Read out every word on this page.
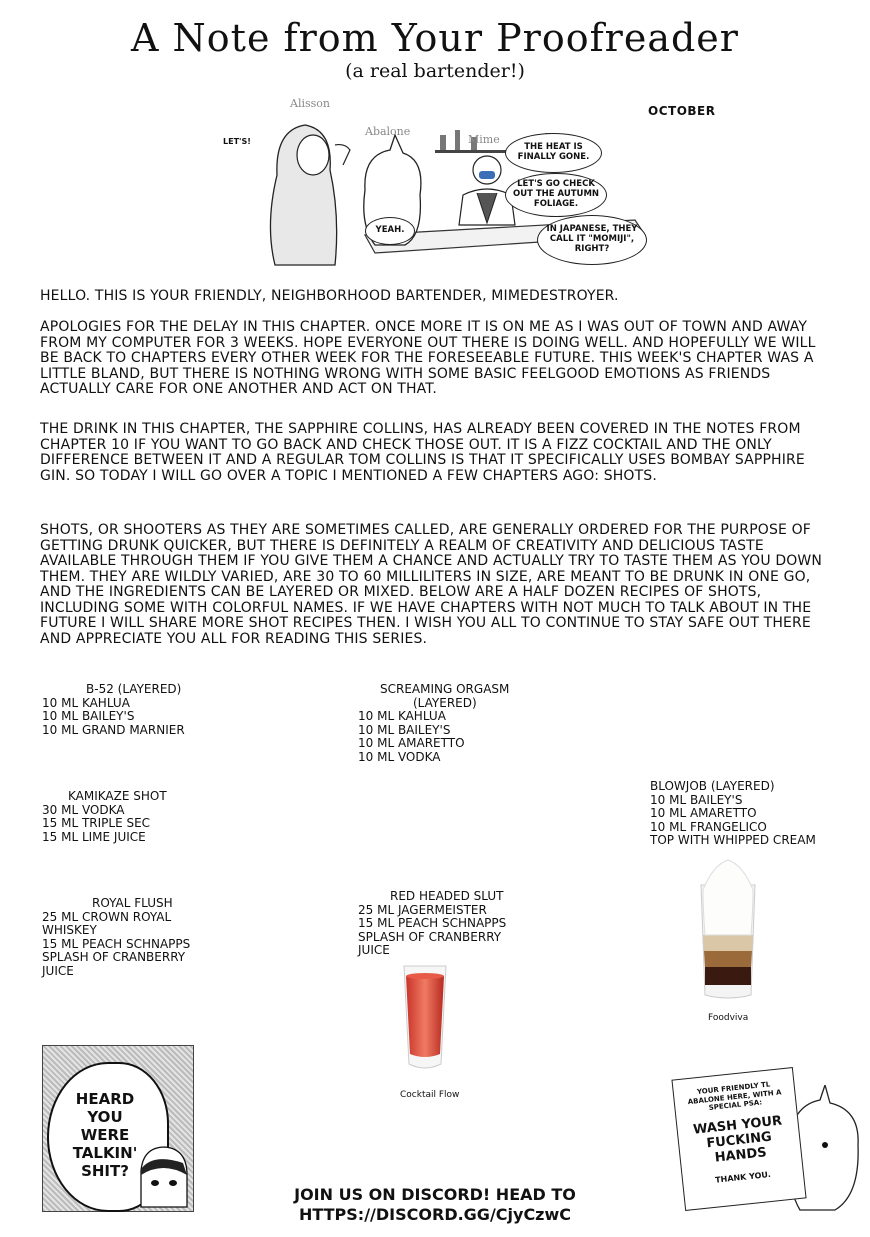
A Note from Your Proofreader
(a real bartender!)
Alisson
Abalone
Mime
LET'S!
THE HEAT IS FINALLY GONE.
LET'S GO CHECK OUT THE AUTUMN FOLIAGE.
YEAH.	IN JAPANESE, THEY CALL IT "MOMIJI", RIGHT?
OCTOBER
HELLO. THIS IS YOUR FRIENDLY, NEIGHBORHOOD BARTENDER, MIMEDESTROYER.
APOLOGIES FOR THE DELAY IN THIS CHAPTER. ONCE MORE IT IS ON ME AS I WAS OUT OF TOWN AND AWAY FROM MY COMPUTER FOR 3 WEEKS. HOPE EVERYONE OUT THERE IS DOING WELL. AND HOPEFULLY WE WILL BE BACK TO CHAPTERS EVERY OTHER WEEK FOR THE FORESEEABLE FUTURE. THIS WEEK'S CHAPTER WAS A LITTLE BLAND, BUT THERE IS NOTHING WRONG WITH SOME BASIC FEELGOOD EMOTIONS AS FRIENDS ACTUALLY CARE FOR ONE ANOTHER AND ACT ON THAT.
THE DRINK IN THIS CHAPTER, THE SAPPHIRE COLLINS, HAS ALREADY BEEN COVERED IN THE NOTES FROM CHAPTER 10 IF YOU WANT TO GO BACK AND CHECK THOSE OUT. IT IS A FIZZ COCKTAIL AND THE ONLY DIFFERENCE BETWEEN IT AND A REGULAR TOM COLLINS IS THAT IT SPECIFICALLY USES BOMBAY SAPPHIRE GIN. SO TODAY I WILL GO OVER A TOPIC I MENTIONED A FEW CHAPTERS AGO: SHOTS.
SHOTS, OR SHOOTERS AS THEY ARE SOMETIMES CALLED, ARE GENERALLY ORDERED FOR THE PURPOSE OF GETTING DRUNK QUICKER, BUT THERE IS DEFINITELY A REALM OF CREATIVITY AND DELICIOUS TASTE AVAILABLE THROUGH THEM IF YOU GIVE THEM A CHANCE AND ACTUALLY TRY TO TASTE THEM AS YOU DOWN THEM. THEY ARE WILDLY VARIED, ARE 30 TO 60 MILLILITERS IN SIZE, ARE MEANT TO BE DRUNK IN ONE GO, AND THE INGREDIENTS CAN BE LAYERED OR MIXED. BELOW ARE A HALF DOZEN RECIPES OF SHOTS, INCLUDING SOME WITH COLORFUL NAMES. IF WE HAVE CHAPTERS WITH NOT MUCH TO TALK ABOUT IN THE FUTURE I WILL SHARE MORE SHOT RECIPES THEN. I WISH YOU ALL TO CONTINUE TO STAY SAFE OUT THERE AND APPRECIATE YOU ALL FOR READING THIS SERIES.
B-52 (LAYERED)
10 ML KAHLUA
10 ML BAILEY'S
10 ML GRAND MARNIER
SCREAMING ORGASM
(LAYERED)
10 ML KAHLUA
10 ML BAILEY'S
10 ML AMARETTO
10 ML VODKA
KAMIKAZE SHOT
30 ML VODKA
15 ML TRIPLE SEC
15 ML LIME JUICE
BLOWJOB (LAYERED)
10 ML BAILEY'S
10 ML AMARETTO
10 ML FRANGELICO
TOP WITH WHIPPED CREAM
ROYAL FLUSH
25 ML CROWN ROYAL
WHISKEY
15 ML PEACH SCHNAPPS
SPLASH OF CRANBERRY
JUICE
RED HEADED SLUT
25 ML JAGERMEISTER
15 ML PEACH SCHNAPPS
SPLASH OF CRANBERRY
JUICE
Cocktail Flow
Foodviva
HEARD YOU WERE TALKIN' SHIT?
YOUR FRIENDLY TL ABALONE HERE, WITH A SPECIAL PSA:
WASH YOUR FUCKING HANDS
THANK YOU.
JOIN US ON DISCORD! HEAD TO
HTTPS://DISCORD.GG/CjyCzwC
